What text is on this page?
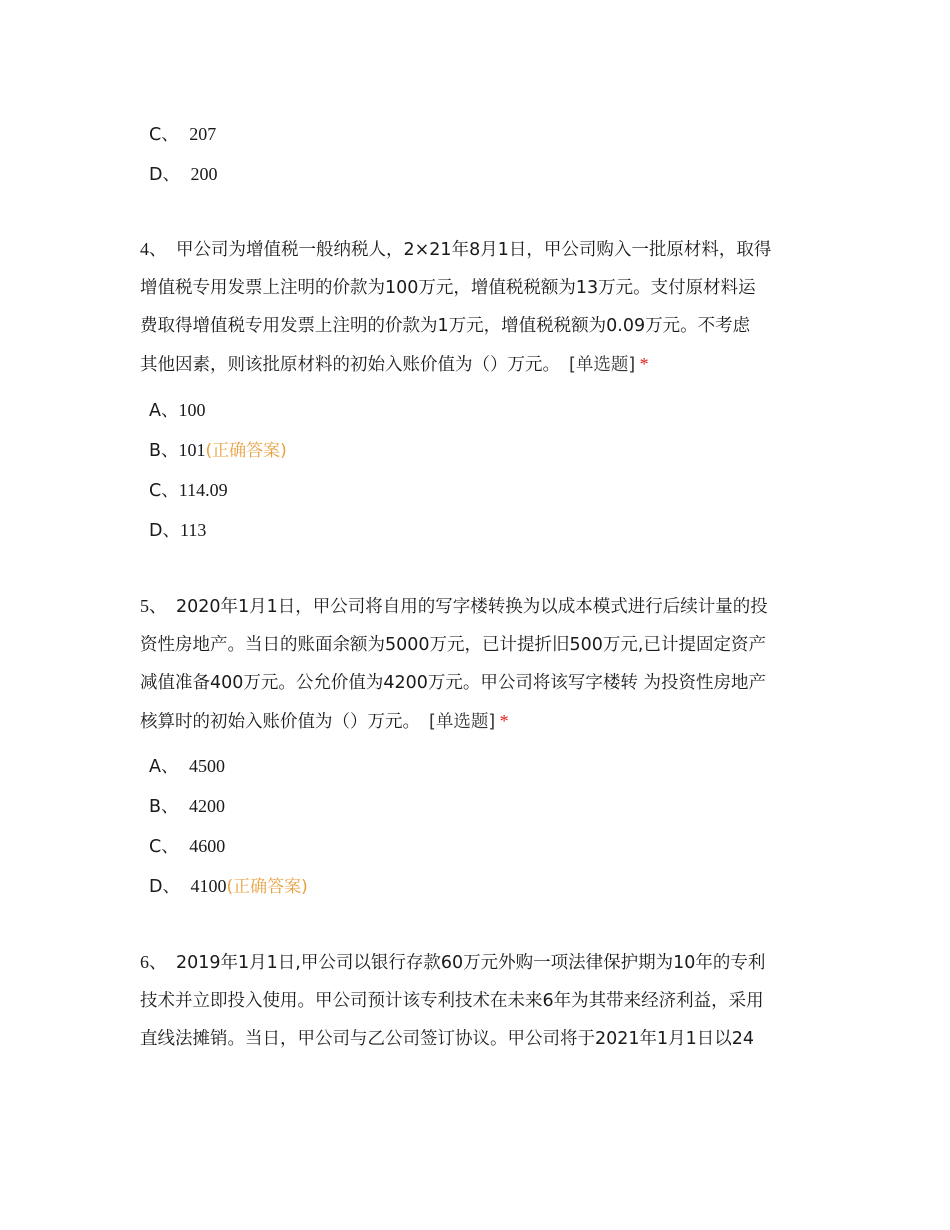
C、 207
D、 200
4、 甲公司为增值税一般纳税人，2×21年8月1日，甲公司购入一批原材料，取得
增值税专用发票上注明的价款为100万元，增值税税额为13万元。支付原材料运
费取得增值税专用发票上注明的价款为1万元，增值税税额为0.09万元。不考虑
其他因素，则该批原材料的初始入账价值为（）万元。 [单选题] *
A、100
B、101(正确答案)
C、114.09
D、113
5、 2020年1月1日，甲公司将自用的写字楼转换为以成本模式进行后续计量的投
资性房地产。当日的账面余额为5000万元，已计提折旧500万元,已计提固定资产
减值准备400万元。公允价值为4200万元。甲公司将该写字楼转 为投资性房地产
核算时的初始入账价值为（）万元。 [单选题] *
A、 4500
B、 4200
C、 4600
D、 4100(正确答案)
6、 2019年1月1日,甲公司以银行存款60万元外购一项法律保护期为10年的专利
技术并立即投入使用。甲公司预计该专利技术在未来6年为其带来经济利益，采用
直线法摊销。当日，甲公司与乙公司签订协议。甲公司将于2021年1月1日以24
